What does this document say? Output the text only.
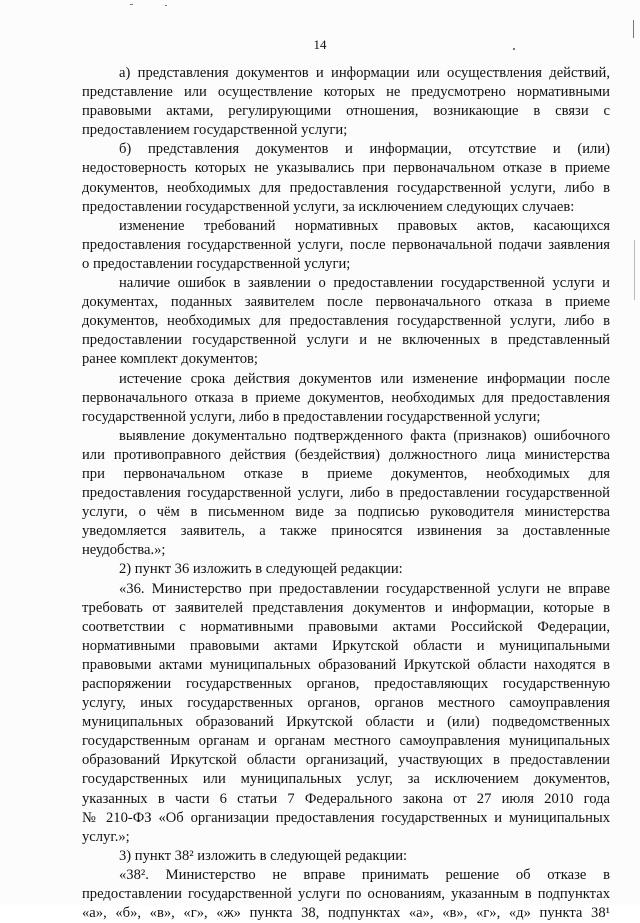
14
а) представления документов и информации или осуществления действий,
представление или осуществление которых не предусмотрено нормативными
правовыми актами, регулирующими отношения, возникающие в связи с
предоставлением государственной услуги;
б) представления документов и информации, отсутствие и (или)
недостоверность которых не указывались при первоначальном отказе в приеме
документов, необходимых для предоставления государственной услуги, либо в
предоставлении государственной услуги, за исключением следующих случаев:
изменение требований нормативных правовых актов, касающихся
предоставления государственной услуги, после первоначальной подачи заявления
о предоставлении государственной услуги;
наличие ошибок в заявлении о предоставлении государственной услуги и
документах, поданных заявителем после первоначального отказа в приеме
документов, необходимых для предоставления государственной услуги, либо в
предоставлении государственной услуги и не включенных в представленный
ранее комплект документов;
истечение срока действия документов или изменение информации после
первоначального отказа в приеме документов, необходимых для предоставления
государственной услуги, либо в предоставлении государственной услуги;
выявление документально подтвержденного факта (признаков) ошибочного
или противоправного действия (бездействия) должностного лица министерства
при первоначальном отказе в приеме документов, необходимых для
предоставления государственной услуги, либо в предоставлении государственной
услуги, о чём в письменном виде за подписью руководителя министерства
уведомляется заявитель, а также приносятся извинения за доставленные
неудобства.»;
2) пункт 36 изложить в следующей редакции:
«36. Министерство при предоставлении государственной услуги не вправе
требовать от заявителей представления документов и информации, которые в
соответствии с нормативными правовыми актами Российской Федерации,
нормативными правовыми актами Иркутской области и муниципальными
правовыми актами муниципальных образований Иркутской области находятся в
распоряжении государственных органов, предоставляющих государственную
услугу, иных государственных органов, органов местного самоуправления
муниципальных образований Иркутской области и (или) подведомственных
государственным органам и органам местного самоуправления муниципальных
образований Иркутской области организаций, участвующих в предоставлении
государственных или муниципальных услуг, за исключением документов,
указанных в части 6 статьи 7 Федерального закона от 27 июля 2010 года
№ 210-ФЗ «Об организации предоставления государственных и муниципальных
услуг.»;
3) пункт 38² изложить в следующей редакции:
«38². Министерство не вправе принимать решение об отказе в
предоставлении государственной услуги по основаниям, указанным в подпунктах
«а», «б», «в», «г», «ж» пункта 38, подпунктах «а», «в», «г», «д» пункта 38¹
